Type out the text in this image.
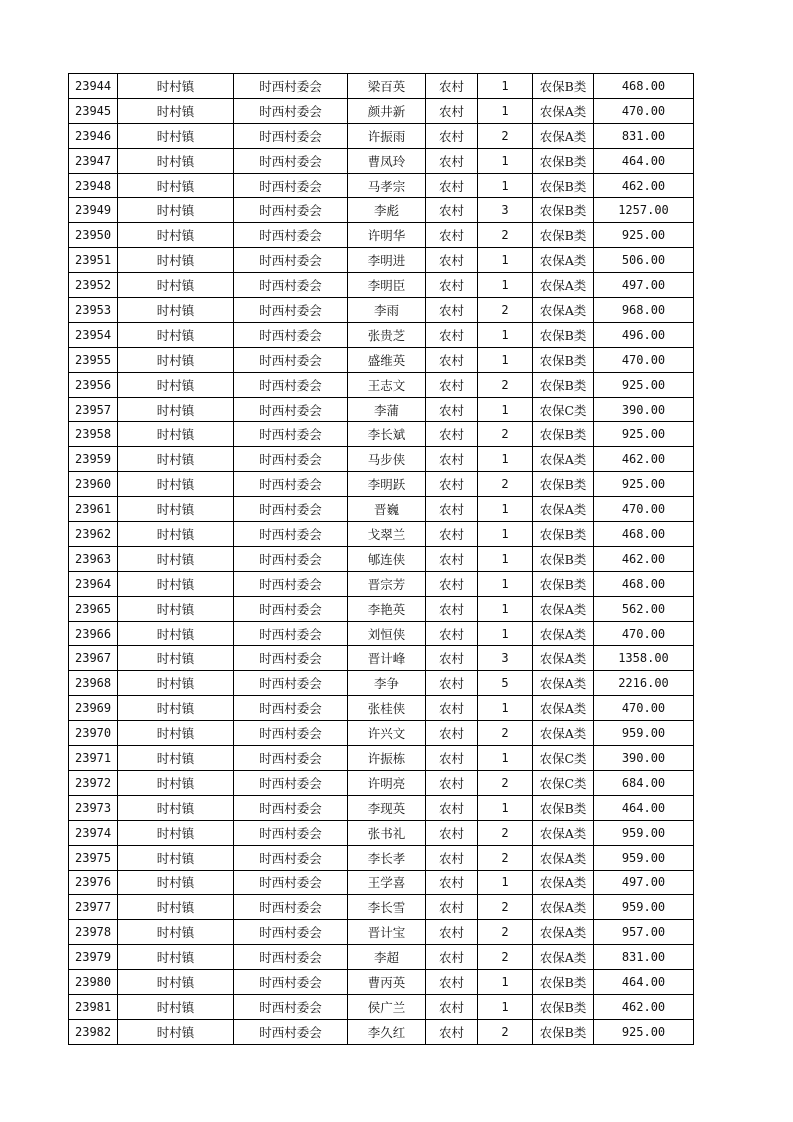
23944	时村镇	时西村委会	梁百英	农村	1	农保B类	468.00
23945	时村镇	时西村委会	颜井新	农村	1	农保A类	470.00
23946	时村镇	时西村委会	许振雨	农村	2	农保A类	831.00
23947	时村镇	时西村委会	曹凤玲	农村	1	农保B类	464.00
23948	时村镇	时西村委会	马孝宗	农村	1	农保B类	462.00
23949	时村镇	时西村委会	李彪	农村	3	农保B类	1257.00
23950	时村镇	时西村委会	许明华	农村	2	农保B类	925.00
23951	时村镇	时西村委会	李明进	农村	1	农保A类	506.00
23952	时村镇	时西村委会	李明臣	农村	1	农保A类	497.00
23953	时村镇	时西村委会	李雨	农村	2	农保A类	968.00
23954	时村镇	时西村委会	张贵芝	农村	1	农保B类	496.00
23955	时村镇	时西村委会	盛维英	农村	1	农保B类	470.00
23956	时村镇	时西村委会	王志文	农村	2	农保B类	925.00
23957	时村镇	时西村委会	李蒲	农村	1	农保C类	390.00
23958	时村镇	时西村委会	李长斌	农村	2	农保B类	925.00
23959	时村镇	时西村委会	马步侠	农村	1	农保A类	462.00
23960	时村镇	时西村委会	李明跃	农村	2	农保B类	925.00
23961	时村镇	时西村委会	晋巍	农村	1	农保A类	470.00
23962	时村镇	时西村委会	戈翠兰	农村	1	农保B类	468.00
23963	时村镇	时西村委会	郇连侠	农村	1	农保B类	462.00
23964	时村镇	时西村委会	晋宗芳	农村	1	农保B类	468.00
23965	时村镇	时西村委会	李艳英	农村	1	农保A类	562.00
23966	时村镇	时西村委会	刘恒侠	农村	1	农保A类	470.00
23967	时村镇	时西村委会	晋计峰	农村	3	农保A类	1358.00
23968	时村镇	时西村委会	李争	农村	5	农保A类	2216.00
23969	时村镇	时西村委会	张桂侠	农村	1	农保A类	470.00
23970	时村镇	时西村委会	许兴文	农村	2	农保A类	959.00
23971	时村镇	时西村委会	许振栋	农村	1	农保C类	390.00
23972	时村镇	时西村委会	许明亮	农村	2	农保C类	684.00
23973	时村镇	时西村委会	李现英	农村	1	农保B类	464.00
23974	时村镇	时西村委会	张书礼	农村	2	农保A类	959.00
23975	时村镇	时西村委会	李长孝	农村	2	农保A类	959.00
23976	时村镇	时西村委会	王学喜	农村	1	农保A类	497.00
23977	时村镇	时西村委会	李长雪	农村	2	农保A类	959.00
23978	时村镇	时西村委会	晋计宝	农村	2	农保A类	957.00
23979	时村镇	时西村委会	李超	农村	2	农保A类	831.00
23980	时村镇	时西村委会	曹丙英	农村	1	农保B类	464.00
23981	时村镇	时西村委会	侯广兰	农村	1	农保B类	462.00
23982	时村镇	时西村委会	李久红	农村	2	农保B类	925.00
